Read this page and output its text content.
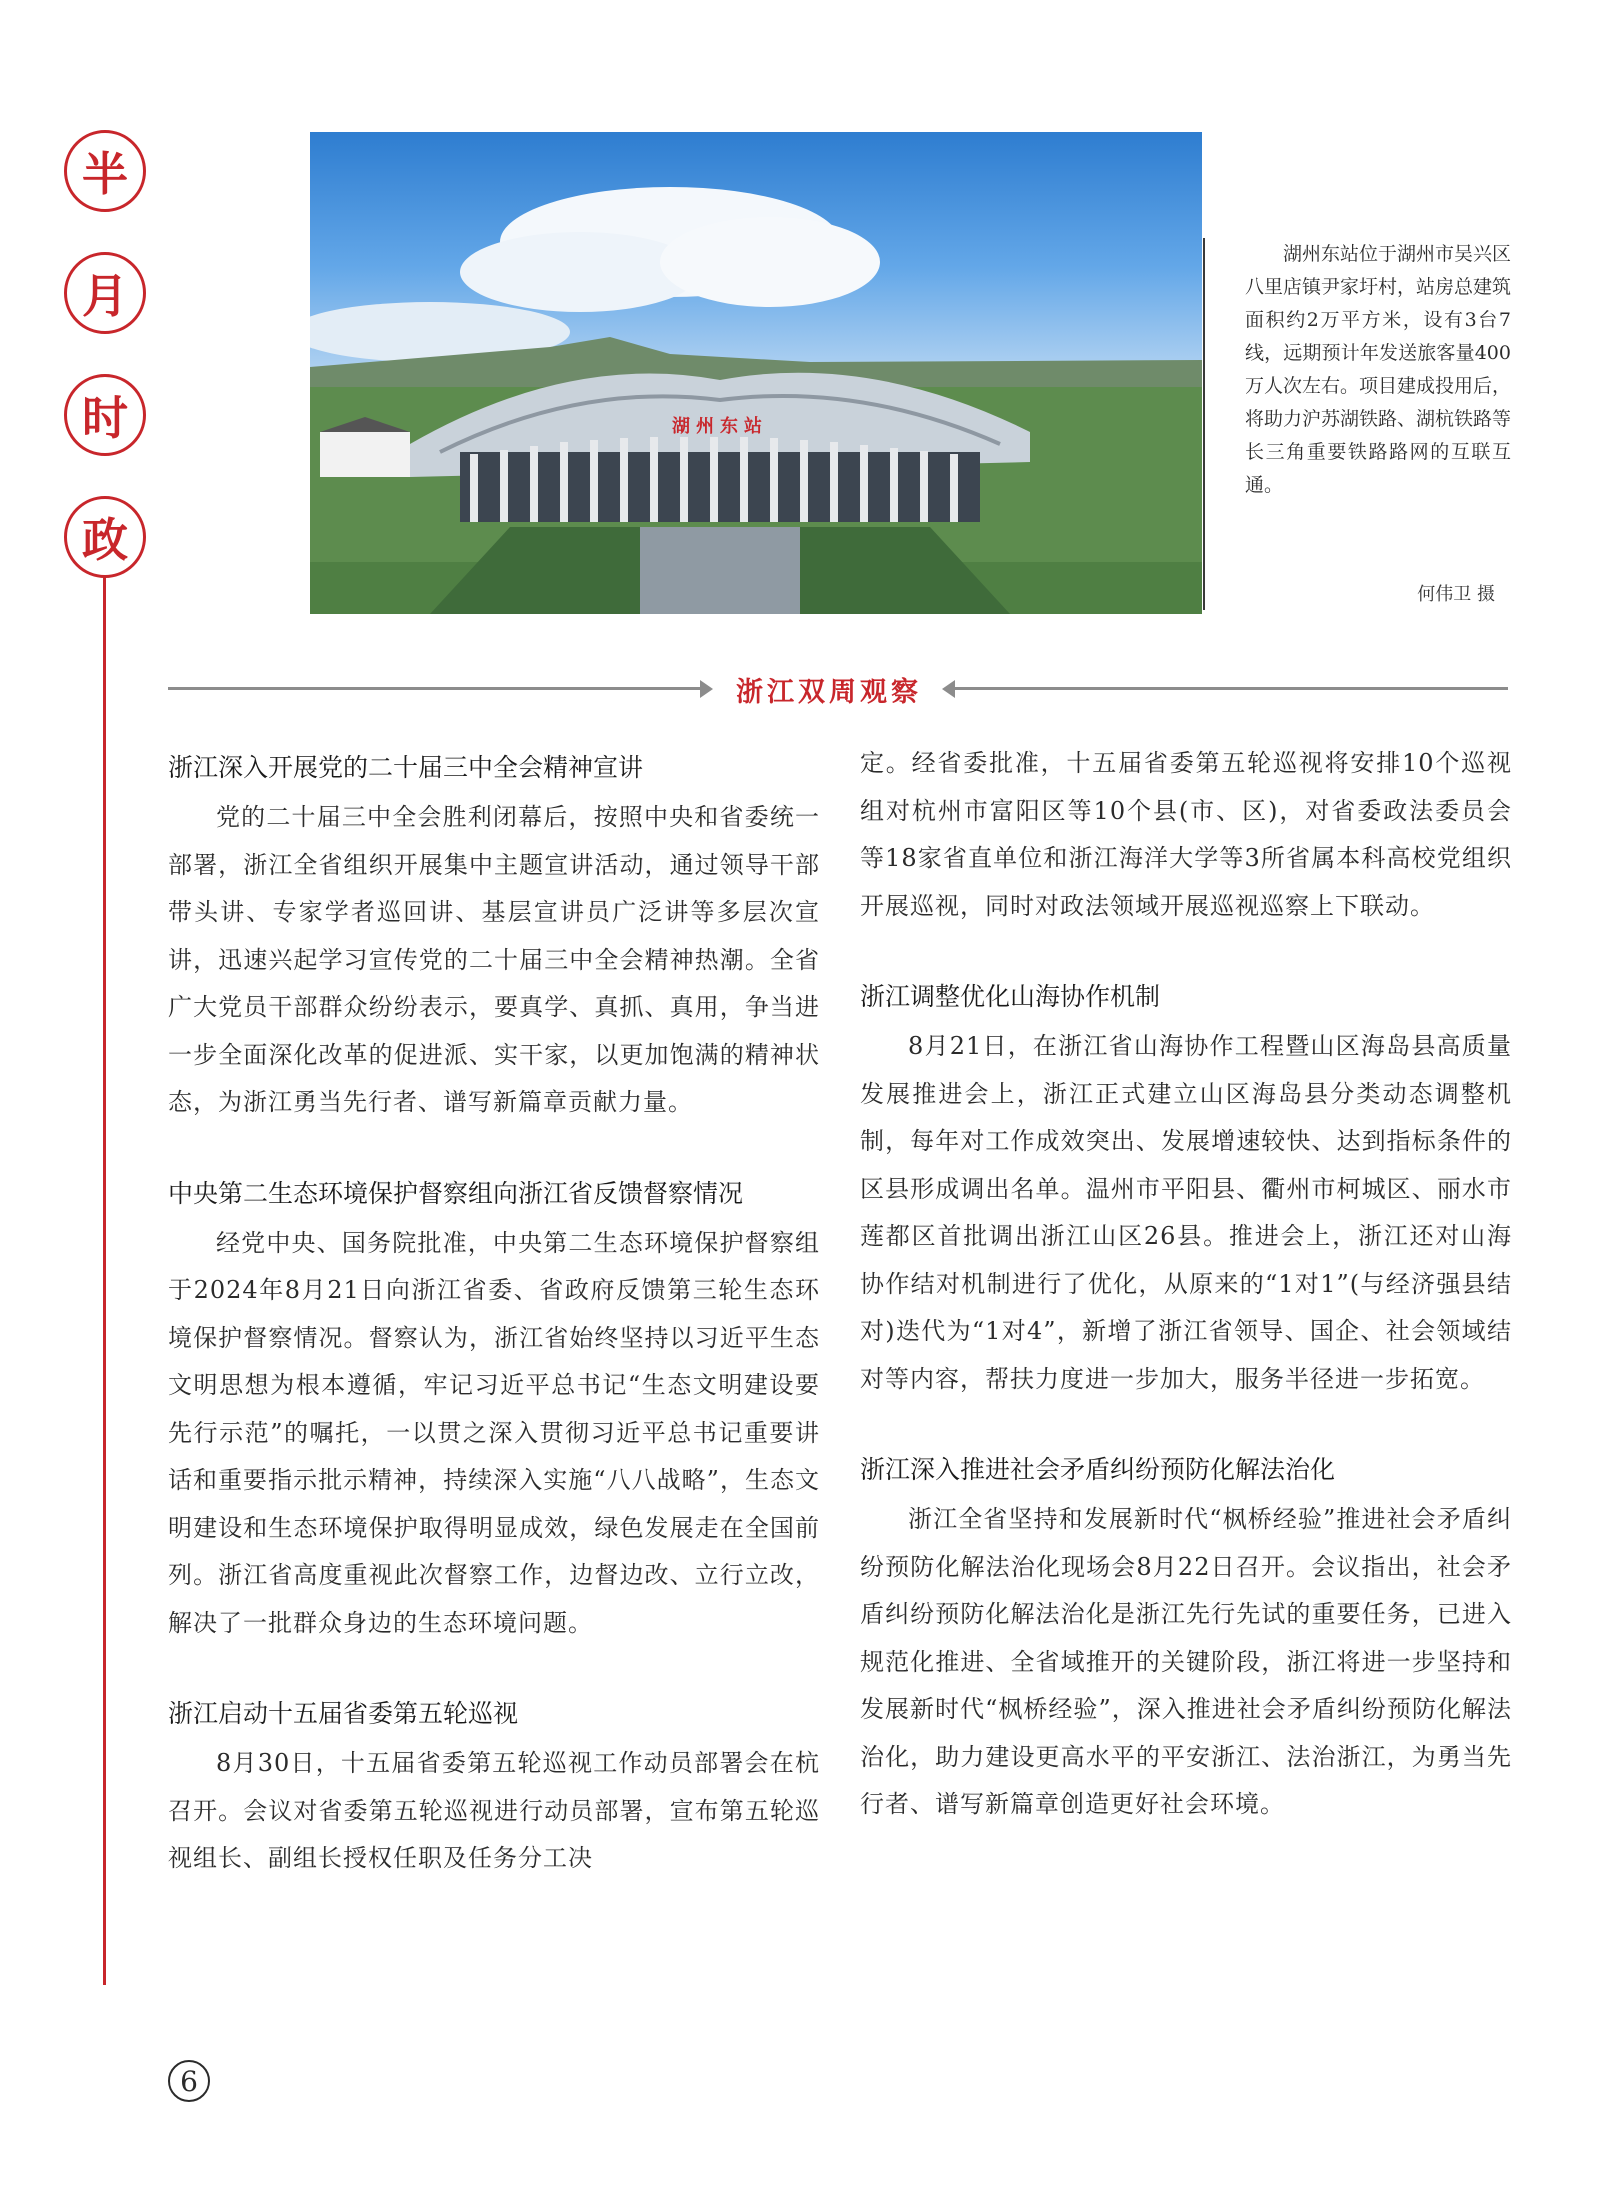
半
月
时
政
湖州东站

湖州东站位于湖州市吴兴区八里店镇尹家圩村，站房总建筑面积约2万平方米，设有3台7线，远期预计年发送旅客量400万人次左右。项目建成投用后，将助力沪苏湖铁路、湖杭铁路等长三角重要铁路路网的互联互通。

何伟卫 摄
浙江双周观察
浙江深入开展党的二十届三中全会精神宣讲

党的二十届三中全会胜利闭幕后，按照中央和省委统一部署，浙江全省组织开展集中主题宣讲活动，通过领导干部带头讲、专家学者巡回讲、基层宣讲员广泛讲等多层次宣讲，迅速兴起学习宣传党的二十届三中全会精神热潮。全省广大党员干部群众纷纷表示，要真学、真抓、真用，争当进一步全面深化改革的促进派、实干家，以更加饱满的精神状态，为浙江勇当先行者、谱写新篇章贡献力量。

中央第二生态环境保护督察组向浙江省反馈督察情况

经党中央、国务院批准，中央第二生态环境保护督察组于2024年8月21日向浙江省委、省政府反馈第三轮生态环境保护督察情况。督察认为，浙江省始终坚持以习近平生态文明思想为根本遵循，牢记习近平总书记“生态文明建设要先行示范”的嘱托，一以贯之深入贯彻习近平总书记重要讲话和重要指示批示精神，持续深入实施“八八战略”，生态文明建设和生态环境保护取得明显成效，绿色发展走在全国前列。浙江省高度重视此次督察工作，边督边改、立行立改，解决了一批群众身边的生态环境问题。

浙江启动十五届省委第五轮巡视

8月30日，十五届省委第五轮巡视工作动员部署会在杭召开。会议对省委第五轮巡视进行动员部署，宣布第五轮巡视组长、副组长授权任职及任务分工决

定。经省委批准，十五届省委第五轮巡视将安排10个巡视组对杭州市富阳区等10个县(市、区)，对省委政法委员会等18家省直单位和浙江海洋大学等3所省属本科高校党组织开展巡视，同时对政法领域开展巡视巡察上下联动。

浙江调整优化山海协作机制

8月21日，在浙江省山海协作工程暨山区海岛县高质量发展推进会上，浙江正式建立山区海岛县分类动态调整机制，每年对工作成效突出、发展增速较快、达到指标条件的区县形成调出名单。温州市平阳县、衢州市柯城区、丽水市莲都区首批调出浙江山区26县。推进会上，浙江还对山海协作结对机制进行了优化，从原来的“1对1”(与经济强县结对)迭代为“1对4”，新增了浙江省领导、国企、社会领域结对等内容，帮扶力度进一步加大，服务半径进一步拓宽。

浙江深入推进社会矛盾纠纷预防化解法治化

浙江全省坚持和发展新时代“枫桥经验”推进社会矛盾纠纷预防化解法治化现场会8月22日召开。会议指出，社会矛盾纠纷预防化解法治化是浙江先行先试的重要任务，已进入规范化推进、全省域推开的关键阶段，浙江将进一步坚持和发展新时代“枫桥经验”，深入推进社会矛盾纠纷预防化解法治化，助力建设更高水平的平安浙江、法治浙江，为勇当先行者、谱写新篇章创造更好社会环境。

6
